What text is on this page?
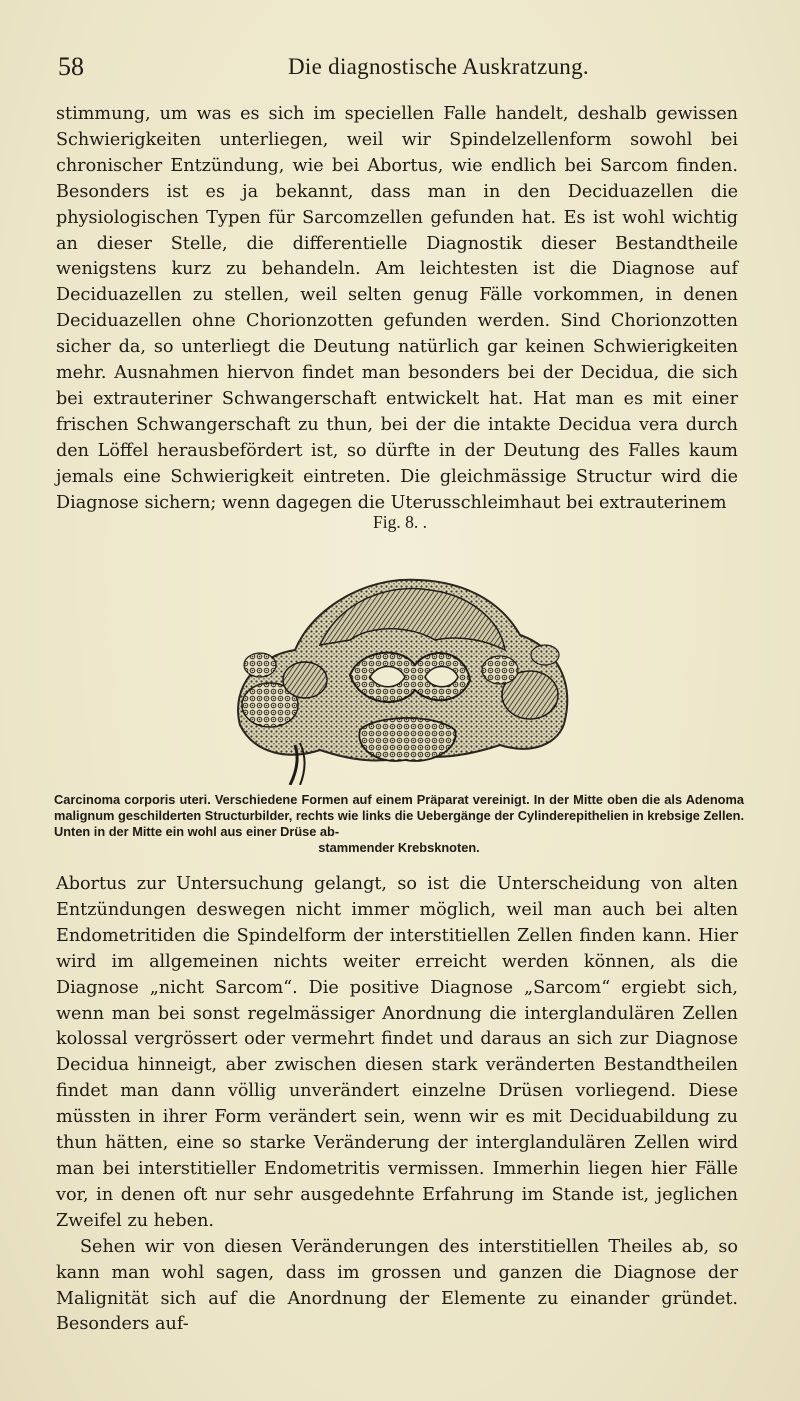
58	Die diagnostische Auskratzung.

stimmung, um was es sich im speciellen Falle handelt, deshalb gewissen Schwierigkeiten unterliegen, weil wir Spindelzellenform sowohl bei chronischer Entzündung, wie bei Abortus, wie endlich bei Sarcom finden. Besonders ist es ja bekannt, dass man in den Deciduazellen die physiologischen Typen für Sarcomzellen gefunden hat. Es ist wohl wichtig an dieser Stelle, die differentielle Diagnostik dieser Bestandtheile wenigstens kurz zu behandeln. Am leichtesten ist die Diagnose auf Deciduazellen zu stellen, weil selten genug Fälle vorkommen, in denen Deciduazellen ohne Chorionzotten gefunden werden. Sind Chorionzotten sicher da, so unterliegt die Deutung natürlich gar keinen Schwierigkeiten mehr. Ausnahmen hiervon findet man besonders bei der Decidua, die sich bei extrauteriner Schwangerschaft entwickelt hat. Hat man es mit einer frischen Schwangerschaft zu thun, bei der die intakte Decidua vera durch den Löffel herausbefördert ist, so dürfte in der Deutung des Falles kaum jemals eine Schwierigkeit eintreten. Die gleichmässige Structur wird die Diagnose sichern; wenn dagegen die Uterusschleimhaut bei extrauterinem

Fig. 8. .
Carcinoma corporis uteri. Verschiedene Formen auf einem Präparat vereinigt. In der Mitte oben die als Adenoma malignum geschilderten Structurbilder, rechts wie links die Uebergänge der Cylinderepithelien in krebsige Zellen. Unten in der Mitte ein wohl aus einer Drüse ab-
stammender Krebsknoten.

Abortus zur Untersuchung gelangt, so ist die Unterscheidung von alten Entzündungen deswegen nicht immer möglich, weil man auch bei alten Endometritiden die Spindelform der interstitiellen Zellen finden kann. Hier wird im allgemeinen nichts weiter erreicht werden können, als die Diagnose „nicht Sarcom“. Die positive Diagnose „Sarcom“ ergiebt sich, wenn man bei sonst regelmässiger Anordnung die interglandulären Zellen kolossal vergrössert oder vermehrt findet und daraus an sich zur Diagnose Decidua hinneigt, aber zwischen diesen stark veränderten Bestandtheilen findet man dann völlig unverändert einzelne Drüsen vorliegend. Diese müssten in ihrer Form verändert sein, wenn wir es mit Deciduabildung zu thun hätten, eine so starke Veränderung der interglandulären Zellen wird man bei interstitieller Endometritis vermissen. Immerhin liegen hier Fälle vor, in denen oft nur sehr ausgedehnte Erfahrung im Stande ist, jeglichen Zweifel zu heben.

Sehen wir von diesen Veränderungen des interstitiellen Theiles ab, so kann man wohl sagen, dass im grossen und ganzen die Diagnose der Malignität sich auf die Anordnung der Elemente zu einander gründet. Besonders auf-
